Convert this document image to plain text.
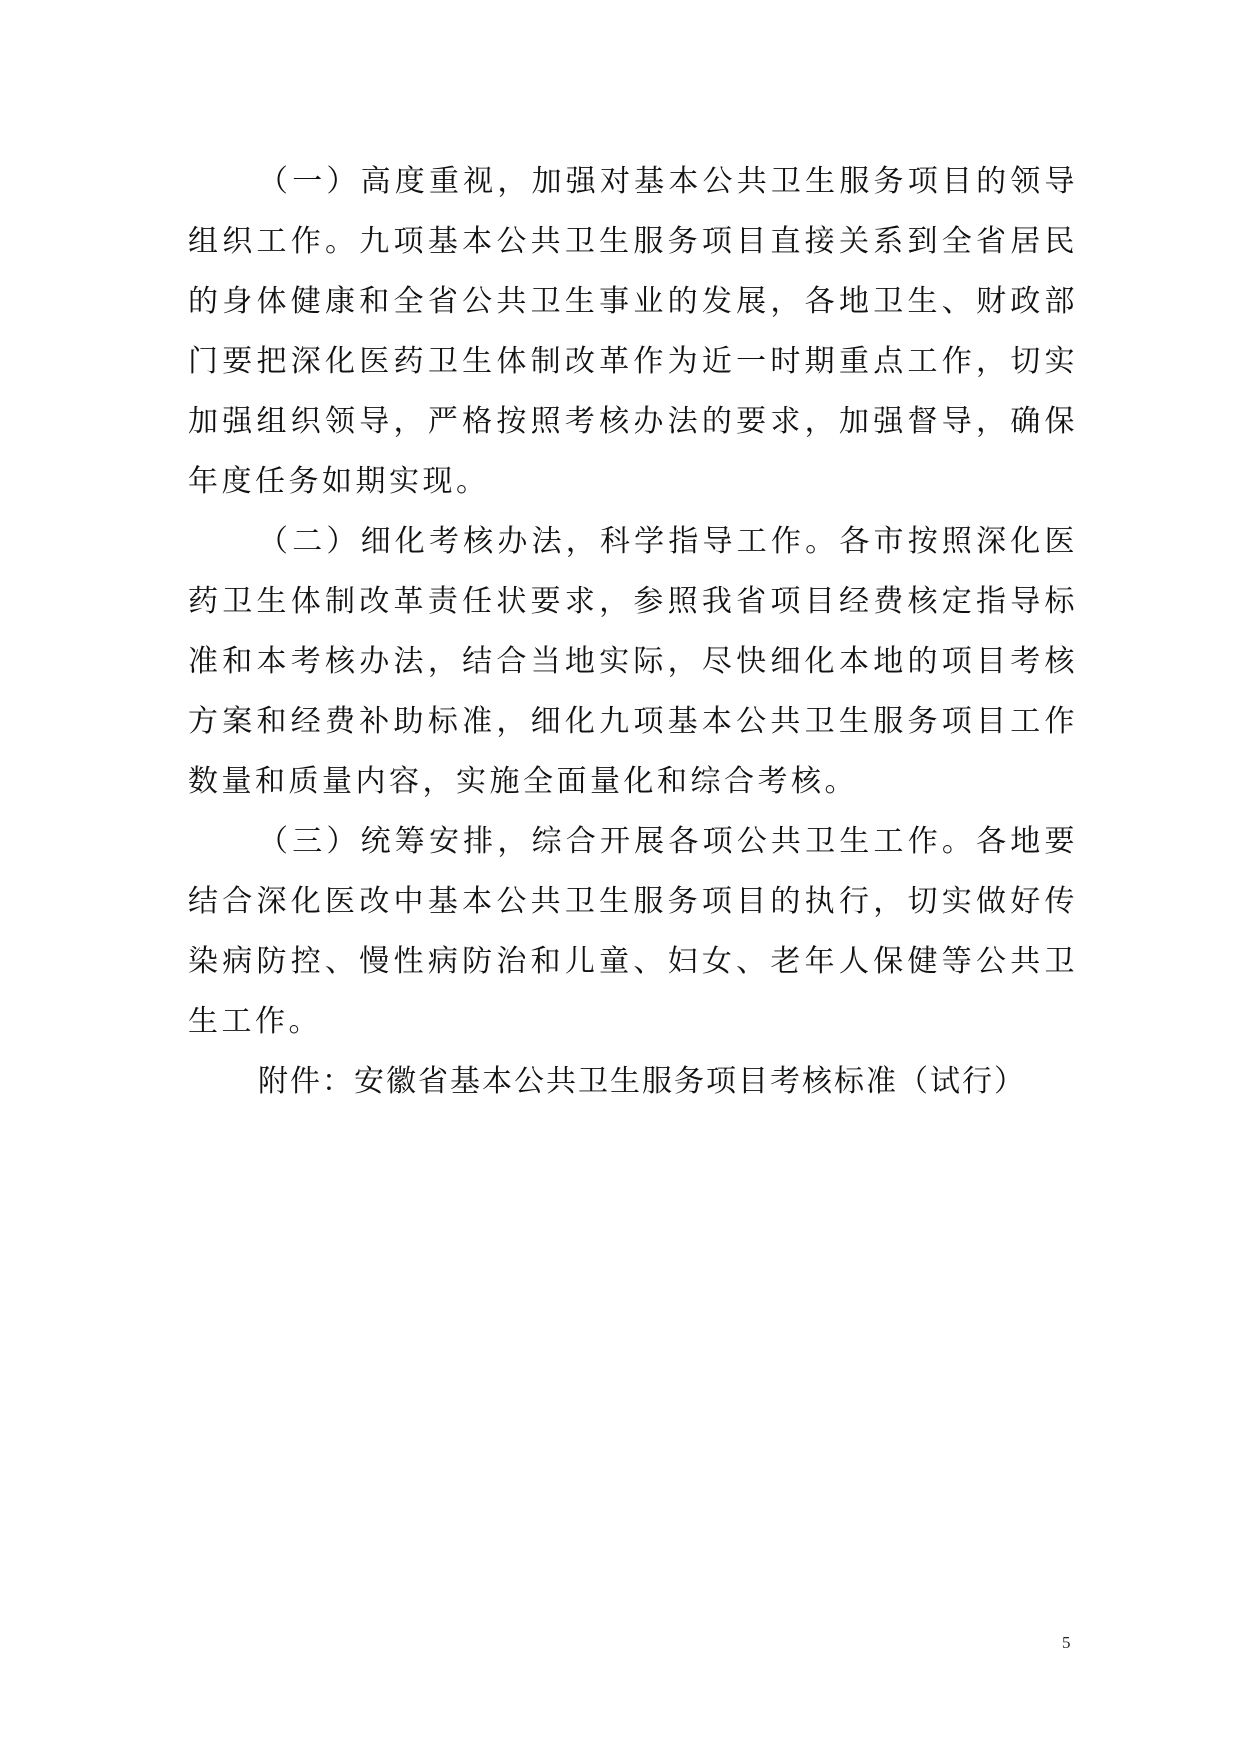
（一）高度重视，加强对基本公共卫生服务项目的领导组织工作。九项基本公共卫生服务项目直接关系到全省居民的身体健康和全省公共卫生事业的发展，各地卫生、财政部门要把深化医药卫生体制改革作为近一时期重点工作，切实加强组织领导，严格按照考核办法的要求，加强督导，确保年度任务如期实现。

（二）细化考核办法，科学指导工作。各市按照深化医药卫生体制改革责任状要求，参照我省项目经费核定指导标准和本考核办法，结合当地实际，尽快细化本地的项目考核方案和经费补助标准，细化九项基本公共卫生服务项目工作数量和质量内容，实施全面量化和综合考核。

（三）统筹安排，综合开展各项公共卫生工作。各地要结合深化医改中基本公共卫生服务项目的执行，切实做好传染病防控、慢性病防治和儿童、妇女、老年人保健等公共卫生工作。

附件：安徽省基本公共卫生服务项目考核标准（试行）

5
